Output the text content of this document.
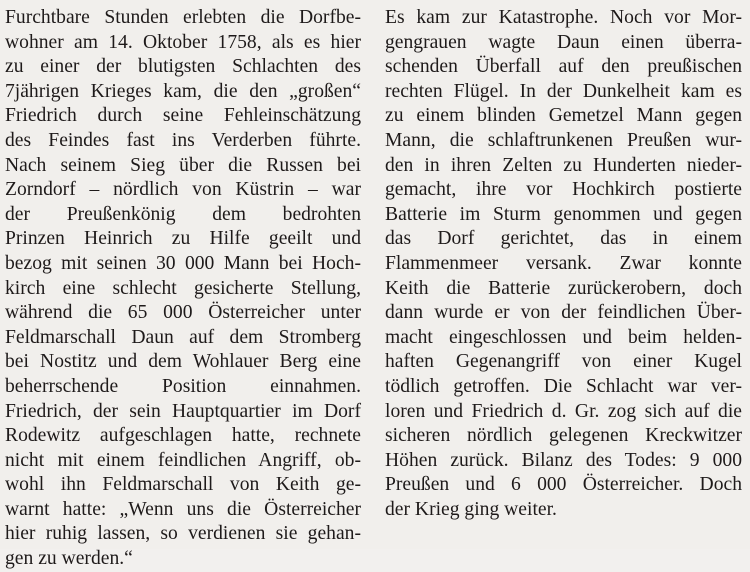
Furchtbare Stunden erlebten die Dorfbe-
wohner am 14. Oktober 1758, als es hier
zu einer der blutigsten Schlachten des
7jährigen Krieges kam, die den „großen“
Friedrich durch seine Fehleinschätzung
des Feindes fast ins Verderben führte.
Nach seinem Sieg über die Russen bei
Zorndorf – nördlich von Küstrin – war
der Preußenkönig dem bedrohten
Prinzen Heinrich zu Hilfe geeilt und
bezog mit seinen 30 000 Mann bei Hoch-
kirch eine schlecht gesicherte Stellung,
während die 65 000 Österreicher unter
Feldmarschall Daun auf dem Stromberg
bei Nostitz und dem Wohlauer Berg eine
beherrschende Position einnahmen.
Friedrich, der sein Hauptquartier im Dorf
Rodewitz aufgeschlagen hatte, rechnete
nicht mit einem feindlichen Angriff, ob-
wohl ihn Feldmarschall von Keith ge-
warnt hatte: „Wenn uns die Österreicher
hier ruhig lassen, so verdienen sie gehan-
gen zu werden.“
Es kam zur Katastrophe. Noch vor Mor-
gengrauen wagte Daun einen überra-
schenden Überfall auf den preußischen
rechten Flügel. In der Dunkelheit kam es
zu einem blinden Gemetzel Mann gegen
Mann, die schlaftrunkenen Preußen wur-
den in ihren Zelten zu Hunderten nieder-
gemacht, ihre vor Hochkirch postierte
Batterie im Sturm genommen und gegen
das Dorf gerichtet, das in einem
Flammenmeer versank. Zwar konnte
Keith die Batterie zurückerobern, doch
dann wurde er von der feindlichen Über-
macht eingeschlossen und beim helden-
haften Gegenangriff von einer Kugel
tödlich getroffen. Die Schlacht war ver-
loren und Friedrich d. Gr. zog sich auf die
sicheren nördlich gelegenen Kreckwitzer
Höhen zurück. Bilanz des Todes: 9 000
Preußen und 6 000 Österreicher. Doch
der Krieg ging weiter.
